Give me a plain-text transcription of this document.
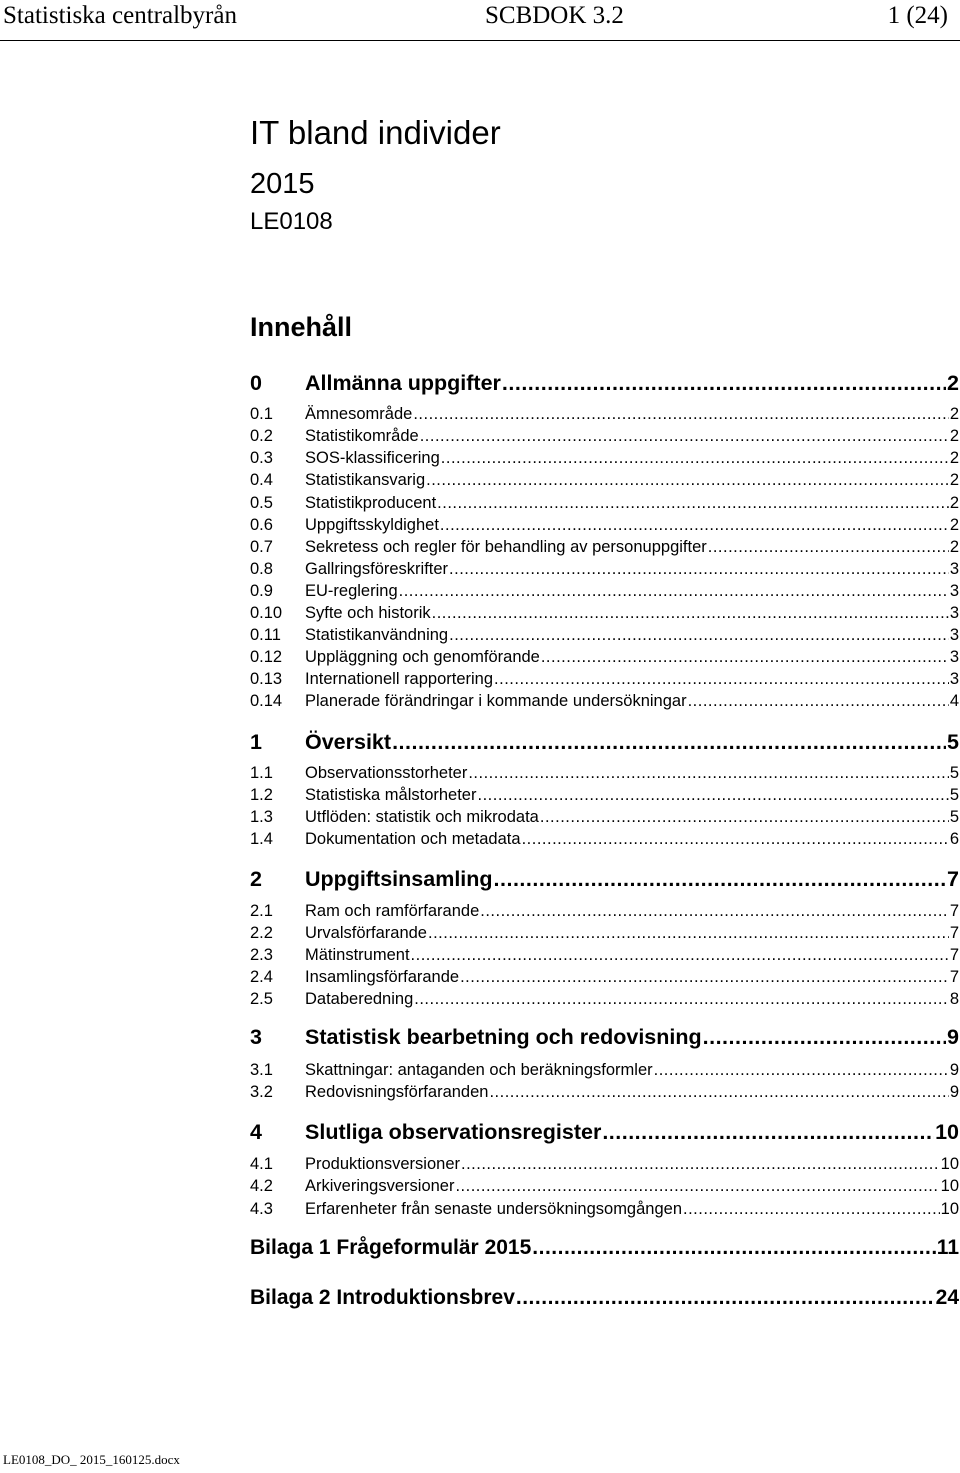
Statistiska centralbyrån	SCBDOK 3.2	1 (24)
IT bland individer
2015
LE0108
Innehåll
0	Allmänna uppgifter .....	2
0.1	Ämnesområde .....	2
0.2	Statistikområde .....	2
0.3	SOS-klassificering .....	2
0.4	Statistikansvarig .....	2
0.5	Statistikproducent .....	2
0.6	Uppgiftsskyldighet .....	2
0.7	Sekretess och regler för behandling av personuppgifter .....	2
0.8	Gallringsföreskrifter .....	3
0.9	EU-reglering .....	3
0.10	Syfte och historik .....	3
0.11	Statistikanvändning .....	3
0.12	Uppläggning och genomförande .....	3
0.13	Internationell rapportering .....	3
0.14	Planerade förändringar i kommande undersökningar .....	4
1	Översikt .....	5
1.1	Observationsstorheter .....	5
1.2	Statistiska målstorheter .....	5
1.3	Utflöden: statistik och mikrodata .....	5
1.4	Dokumentation och metadata .....	6
2	Uppgiftsinsamling .....	7
2.1	Ram och ramförfarande .....	7
2.2	Urvalsförfarande .....	7
2.3	Mätinstrument .....	7
2.4	Insamlingsförfarande .....	7
2.5	Databeredning .....	8
3	Statistisk bearbetning och redovisning .....	9
3.1	Skattningar: antaganden och beräkningsformler .....	9
3.2	Redovisningsförfaranden .....	9
4	Slutliga observationsregister .....	10
4.1	Produktionsversioner .....	10
4.2	Arkiveringsversioner .....	10
4.3	Erfarenheter från senaste undersökningsomgången .....	10
Bilaga 1 Frågeformulär 2015 .....	11
Bilaga 2 Introduktionsbrev .....	24
LE0108_DO_ 2015_160125.docx
